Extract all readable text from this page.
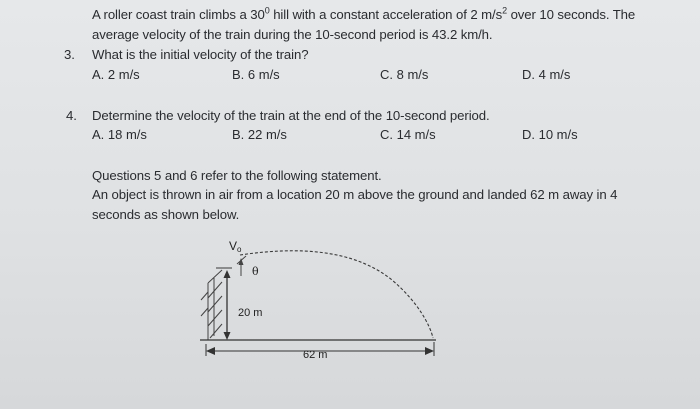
A roller coast train climbs a $30^0$ hill with a constant acceleration of 2 $m/s^2$ over 10 seconds. The
average velocity of the train during the 10-second period is 43.2 km/h.
3. What is the initial velocity of the train?
A. 2 m/s	B. 6 m/s	C. 8 m/s	D. 4 m/s
4. Determine the velocity of the train at the end of the 10-second period.
A. 18 m/s	B. 22 m/s	C. 14 m/s	D. 10 m/s
Questions 5 and 6 refer to the following statement.
An object is thrown in air from a location 20 m above the ground and landed 62 m away in 4
seconds as shown below.
Vo
θ
20 m
62 m
